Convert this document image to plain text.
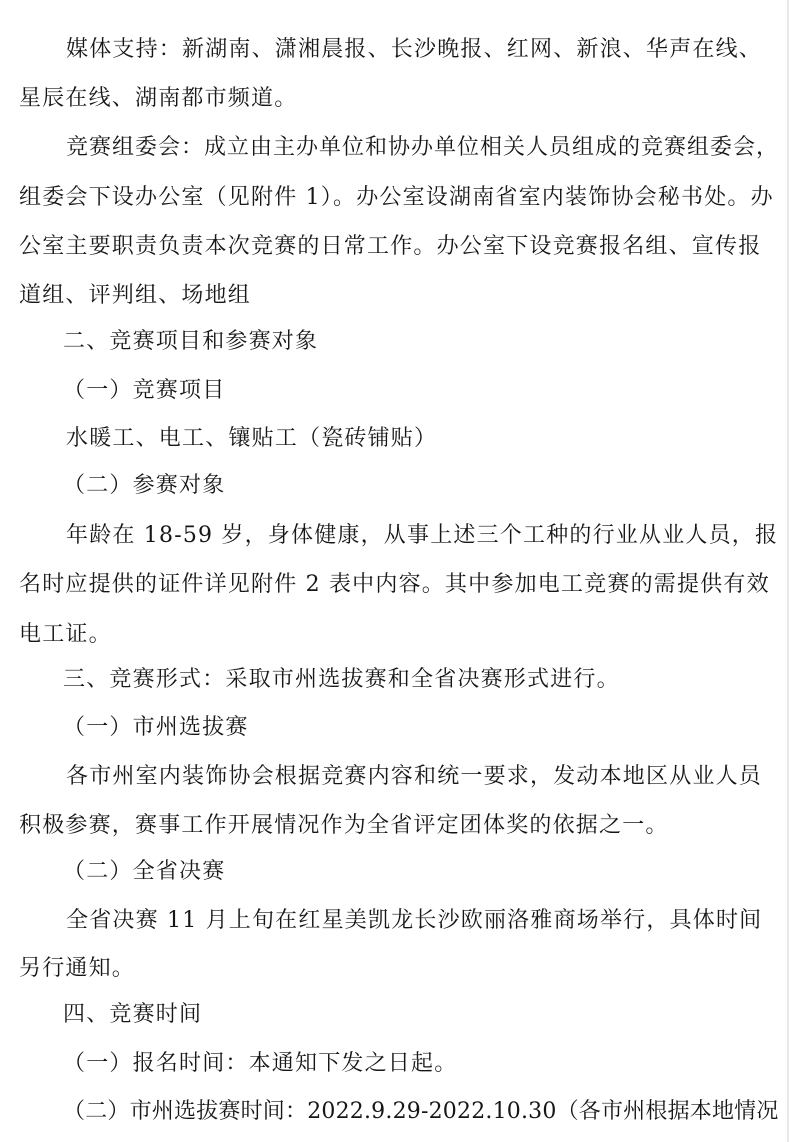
媒体支持：新湖南、潇湘晨报、长沙晚报、红网、新浪、华声在线、
星辰在线、湖南都市频道。
竞赛组委会：成立由主办单位和协办单位相关人员组成的竞赛组委会，
组委会下设办公室（见附件 1）。办公室设湖南省室内装饰协会秘书处。办
公室主要职责负责本次竞赛的日常工作。办公室下设竞赛报名组、宣传报
道组、评判组、场地组
二、竞赛项目和参赛对象
（一）竞赛项目
水暖工、电工、镶贴工（瓷砖铺贴）
（二）参赛对象
年龄在 18-59 岁，身体健康，从事上述三个工种的行业从业人员，报
名时应提供的证件详见附件 2 表中内容。其中参加电工竞赛的需提供有效
电工证。
三、竞赛形式：采取市州选拔赛和全省决赛形式进行。
（一）市州选拔赛
各市州室内装饰协会根据竞赛内容和统一要求，发动本地区从业人员
积极参赛，赛事工作开展情况作为全省评定团体奖的依据之一。
（二）全省决赛
全省决赛 11 月上旬在红星美凯龙长沙欧丽洛雅商场举行，具体时间
另行通知。
四、竞赛时间
（一）报名时间：本通知下发之日起。
（二）市州选拔赛时间：2022.9.29-2022.10.30（各市州根据本地情况
